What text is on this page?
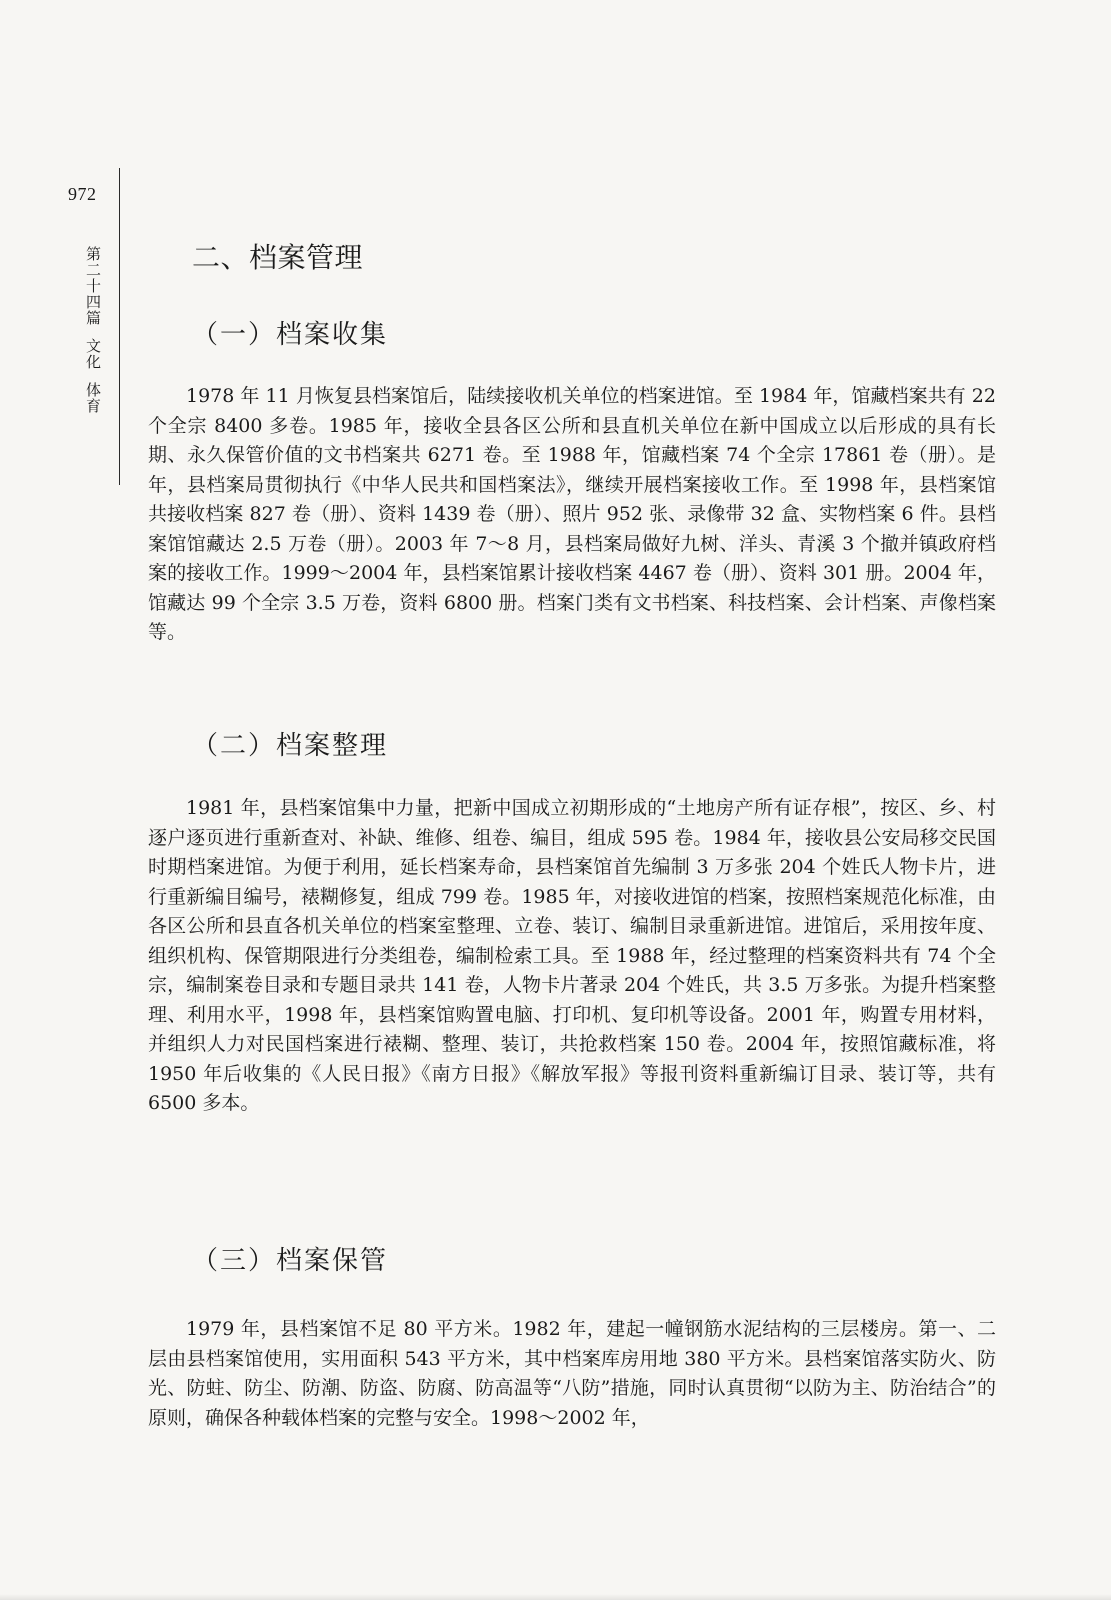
972
第二十四篇文化体育
二、档案管理
（一）档案收集

1978 年 11 月恢复县档案馆后，陆续接收机关单位的档案进馆。至 1984 年，馆藏档案共有 22 个全宗 8400 多卷。1985 年，接收全县各区公所和县直机关单位在新中国成立以后形成的具有长期、永久保管价值的文书档案共 6271 卷。至 1988 年，馆藏档案 74 个全宗 17861 卷（册）。是年，县档案局贯彻执行《中华人民共和国档案法》，继续开展档案接收工作。至 1998 年，县档案馆共接收档案 827 卷（册）、资料 1439 卷（册）、照片 952 张、录像带 32 盒、实物档案 6 件。县档案馆馆藏达 2.5 万卷（册）。2003 年 7～8 月，县档案局做好九树、洋头、青溪 3 个撤并镇政府档案的接收工作。1999～2004 年，县档案馆累计接收档案 4467 卷（册）、资料 301 册。2004 年，馆藏达 99 个全宗 3.5 万卷，资料 6800 册。档案门类有文书档案、科技档案、会计档案、声像档案等。

（二）档案整理

1981 年，县档案馆集中力量，把新中国成立初期形成的“土地房产所有证存根”，按区、乡、村逐户逐页进行重新查对、补缺、维修、组卷、编目，组成 595 卷。1984 年，接收县公安局移交民国时期档案进馆。为便于利用，延长档案寿命，县档案馆首先编制 3 万多张 204 个姓氏人物卡片，进行重新编目编号，裱糊修复，组成 799 卷。1985 年，对接收进馆的档案，按照档案规范化标准，由各区公所和县直各机关单位的档案室整理、立卷、装订、编制目录重新进馆。进馆后，采用按年度、组织机构、保管期限进行分类组卷，编制检索工具。至 1988 年，经过整理的档案资料共有 74 个全宗，编制案卷目录和专题目录共 141 卷，人物卡片著录 204 个姓氏，共 3.5 万多张。为提升档案整理、利用水平，1998 年，县档案馆购置电脑、打印机、复印机等设备。2001 年，购置专用材料，并组织人力对民国档案进行裱糊、整理、装订，共抢救档案 150 卷。2004 年，按照馆藏标准，将 1950 年后收集的《人民日报》《南方日报》《解放军报》等报刊资料重新编订目录、装订等，共有 6500 多本。

（三）档案保管

1979 年，县档案馆不足 80 平方米。1982 年，建起一幢钢筋水泥结构的三层楼房。第一、二层由县档案馆使用，实用面积 543 平方米，其中档案库房用地 380 平方米。县档案馆落实防火、防光、防蛀、防尘、防潮、防盗、防腐、防高温等“八防”措施，同时认真贯彻“以防为主、防治结合”的原则，确保各种载体档案的完整与安全。1998～2002 年，
